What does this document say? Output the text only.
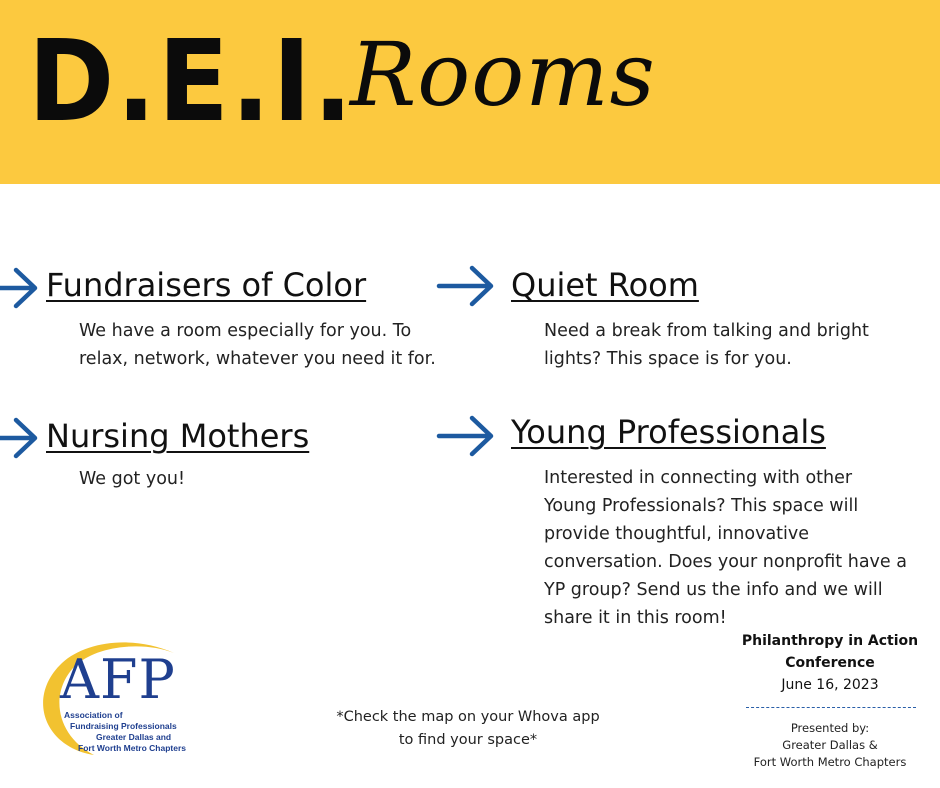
D.E.I.
Rooms
Fundraisers of Color
We have a room especially for you. To
relax, network, whatever you need it for.
Quiet Room
Need a break from talking and bright
lights? This space is for you.
Nursing Mothers
We got you!
Young Professionals
Interested in connecting with other
Young Professionals? This space will
provide thoughtful, innovative
conversation. Does your nonprofit have a
YP group? Send us the info and we will
share it in this room!
AFP
Association of
Fundraising Professionals
Greater Dallas and
Fort Worth Metro Chapters
*Check the map on your Whova app
to find your space*
Philanthropy in Action
Conference
June 16, 2023
Presented by:
Greater Dallas &
Fort Worth Metro Chapters
